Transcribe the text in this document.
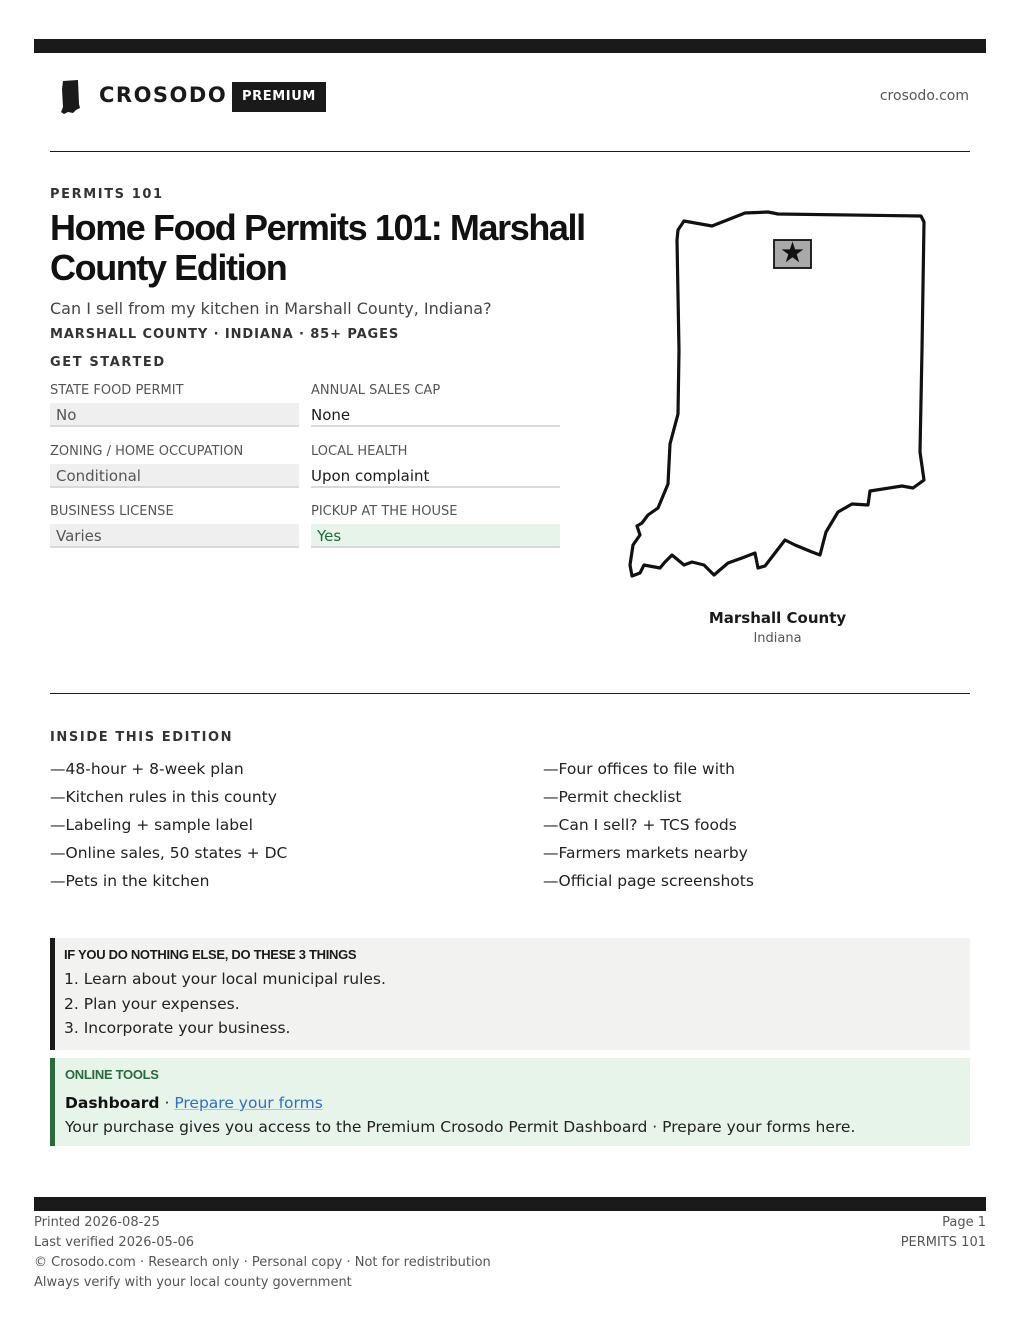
CROSODO	PREMIUM	crosodo.com
PERMITS 101
Home Food Permits 101: Marshall County Edition

Can I sell from my kitchen in Marshall County, Indiana?

MARSHALL COUNTY · INDIANA · 85+ PAGES
GET STARTED
STATE FOOD PERMIT
No
ANNUAL SALES CAP
None
ZONING / HOME OCCUPATION
Conditional
LOCAL HEALTH
Upon complaint
BUSINESS LICENSE
Varies
PICKUP AT THE HOUSE
Yes
Marshall County
Indiana
INSIDE THIS EDITION
—48-hour + 8-week plan
—Kitchen rules in this county
—Labeling + sample label
—Online sales, 50 states + DC
—Pets in the kitchen
—Four offices to file with
—Permit checklist
—Can I sell? + TCS foods
—Farmers markets nearby
—Official page screenshots
IF YOU DO NOTHING ELSE, DO THESE 3 THINGS
1. Learn about your local municipal rules.
2. Plan your expenses.
3. Incorporate your business.
ONLINE TOOLS
Dashboard · Prepare your forms
Your purchase gives you access to the Premium Crosodo Permit Dashboard · Prepare your forms here.
Printed 2026-08-25
Last verified 2026-05-06
© Crosodo.com · Research only · Personal copy · Not for redistribution
Always verify with your local county government
Page 1
PERMITS 101
